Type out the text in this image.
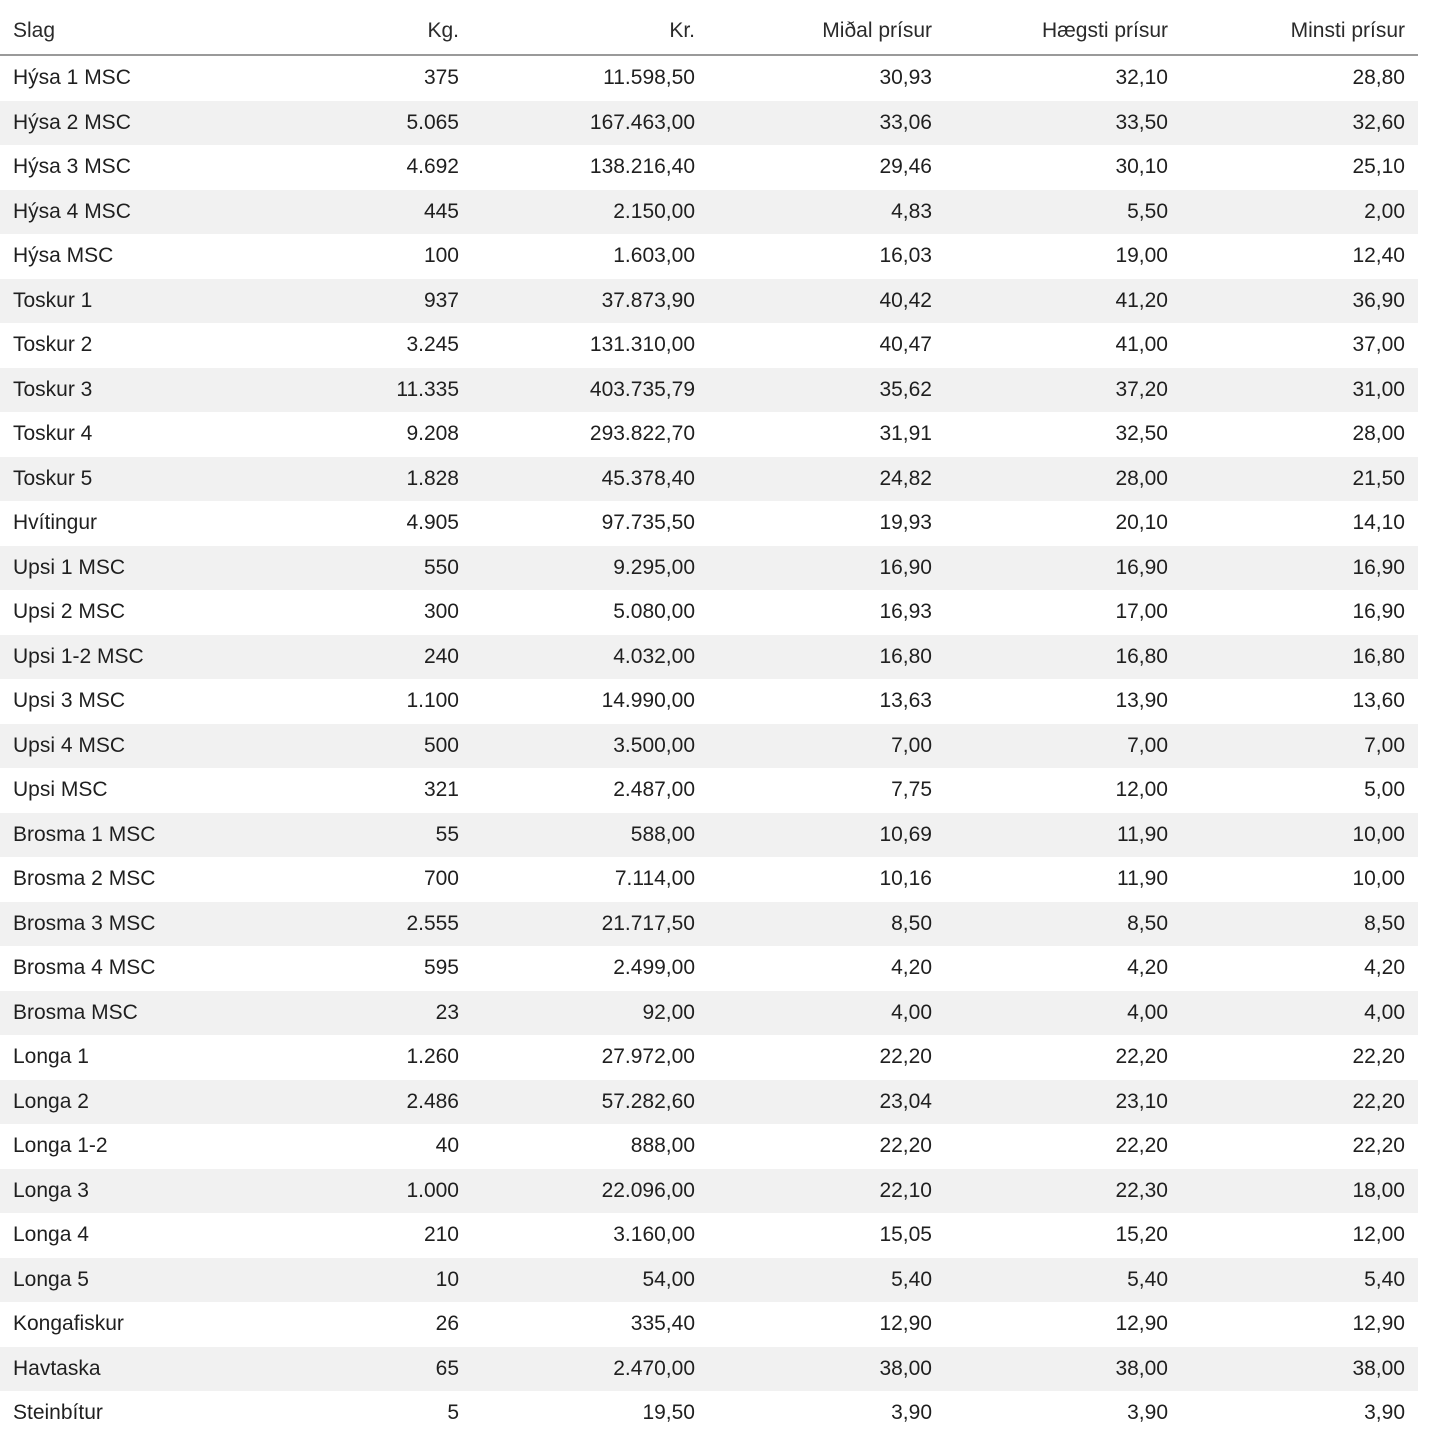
Slag	Kg.	Kr.	Miðal prísur	Hægsti prísur	Minsti prísur
Hýsa 1 MSC	375	11.598,50	30,93	32,10	28,80
Hýsa 2 MSC	5.065	167.463,00	33,06	33,50	32,60
Hýsa 3 MSC	4.692	138.216,40	29,46	30,10	25,10
Hýsa 4 MSC	445	2.150,00	4,83	5,50	2,00
Hýsa MSC	100	1.603,00	16,03	19,00	12,40
Toskur 1	937	37.873,90	40,42	41,20	36,90
Toskur 2	3.245	131.310,00	40,47	41,00	37,00
Toskur 3	11.335	403.735,79	35,62	37,20	31,00
Toskur 4	9.208	293.822,70	31,91	32,50	28,00
Toskur 5	1.828	45.378,40	24,82	28,00	21,50
Hvítingur	4.905	97.735,50	19,93	20,10	14,10
Upsi 1 MSC	550	9.295,00	16,90	16,90	16,90
Upsi 2 MSC	300	5.080,00	16,93	17,00	16,90
Upsi 1-2 MSC	240	4.032,00	16,80	16,80	16,80
Upsi 3 MSC	1.100	14.990,00	13,63	13,90	13,60
Upsi 4 MSC	500	3.500,00	7,00	7,00	7,00
Upsi MSC	321	2.487,00	7,75	12,00	5,00
Brosma 1 MSC	55	588,00	10,69	11,90	10,00
Brosma 2 MSC	700	7.114,00	10,16	11,90	10,00
Brosma 3 MSC	2.555	21.717,50	8,50	8,50	8,50
Brosma 4 MSC	595	2.499,00	4,20	4,20	4,20
Brosma MSC	23	92,00	4,00	4,00	4,00
Longa 1	1.260	27.972,00	22,20	22,20	22,20
Longa 2	2.486	57.282,60	23,04	23,10	22,20
Longa 1-2	40	888,00	22,20	22,20	22,20
Longa 3	1.000	22.096,00	22,10	22,30	18,00
Longa 4	210	3.160,00	15,05	15,20	12,00
Longa 5	10	54,00	5,40	5,40	5,40
Kongafiskur	26	335,40	12,90	12,90	12,90
Havtaska	65	2.470,00	38,00	38,00	38,00
Steinbítur	5	19,50	3,90	3,90	3,90
